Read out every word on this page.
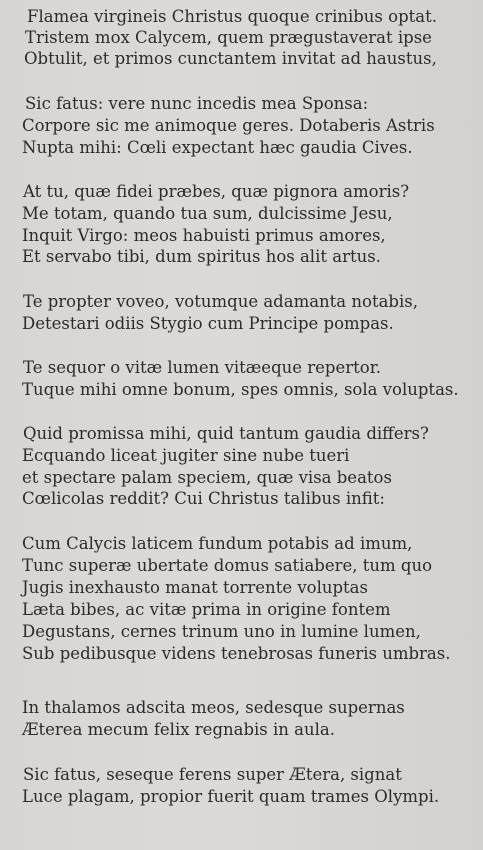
Flamea virgineis Christus quoque crinibus optat.
Tristem mox Calycem, quem prægustaverat ipse
Obtulit, et primos cunctantem invitat ad haustus,
Sic fatus: vere nunc incedis mea Sponsa:
Corpore sic me animoque geres. Dotaberis Astris
Nupta mihi: Cœli expectant hæc gaudia Cives.
At tu, quæ fidei præbes, quæ pignora amoris?
Me totam, quando tua sum, dulcissime Jesu,
Inquit Virgo: meos habuisti primus amores,
Et servabo tibi, dum spiritus hos alit artus.
Te propter voveo, votumque adamanta notabis,
Detestari odiis Stygio cum Principe pompas.
Te sequor o vitæ lumen vitæeque repertor.
Tuque mihi omne bonum, spes omnis, sola voluptas.
Quid promissa mihi, quid tantum gaudia differs?
Ecquando liceat jugiter sine nube tueri
et spectare palam speciem, quæ visa beatos
Cœlicolas reddit? Cui Christus talibus infit:
Cum Calycis laticem fundum potabis ad imum,
Tunc superæ ubertate domus satiabere, tum quo
Jugis inexhausto manat torrente voluptas
Læta bibes, ac vitæ prima in origine fontem
Degustans, cernes trinum uno in lumine lumen,
Sub pedibusque videns tenebrosas funeris umbras.
In thalamos adscita meos, sedesque supernas
Æterea mecum felix regnabis in aula.
Sic fatus, seseque ferens super Ætera, signat
Luce plagam, propior fuerit quam trames Olympi.
